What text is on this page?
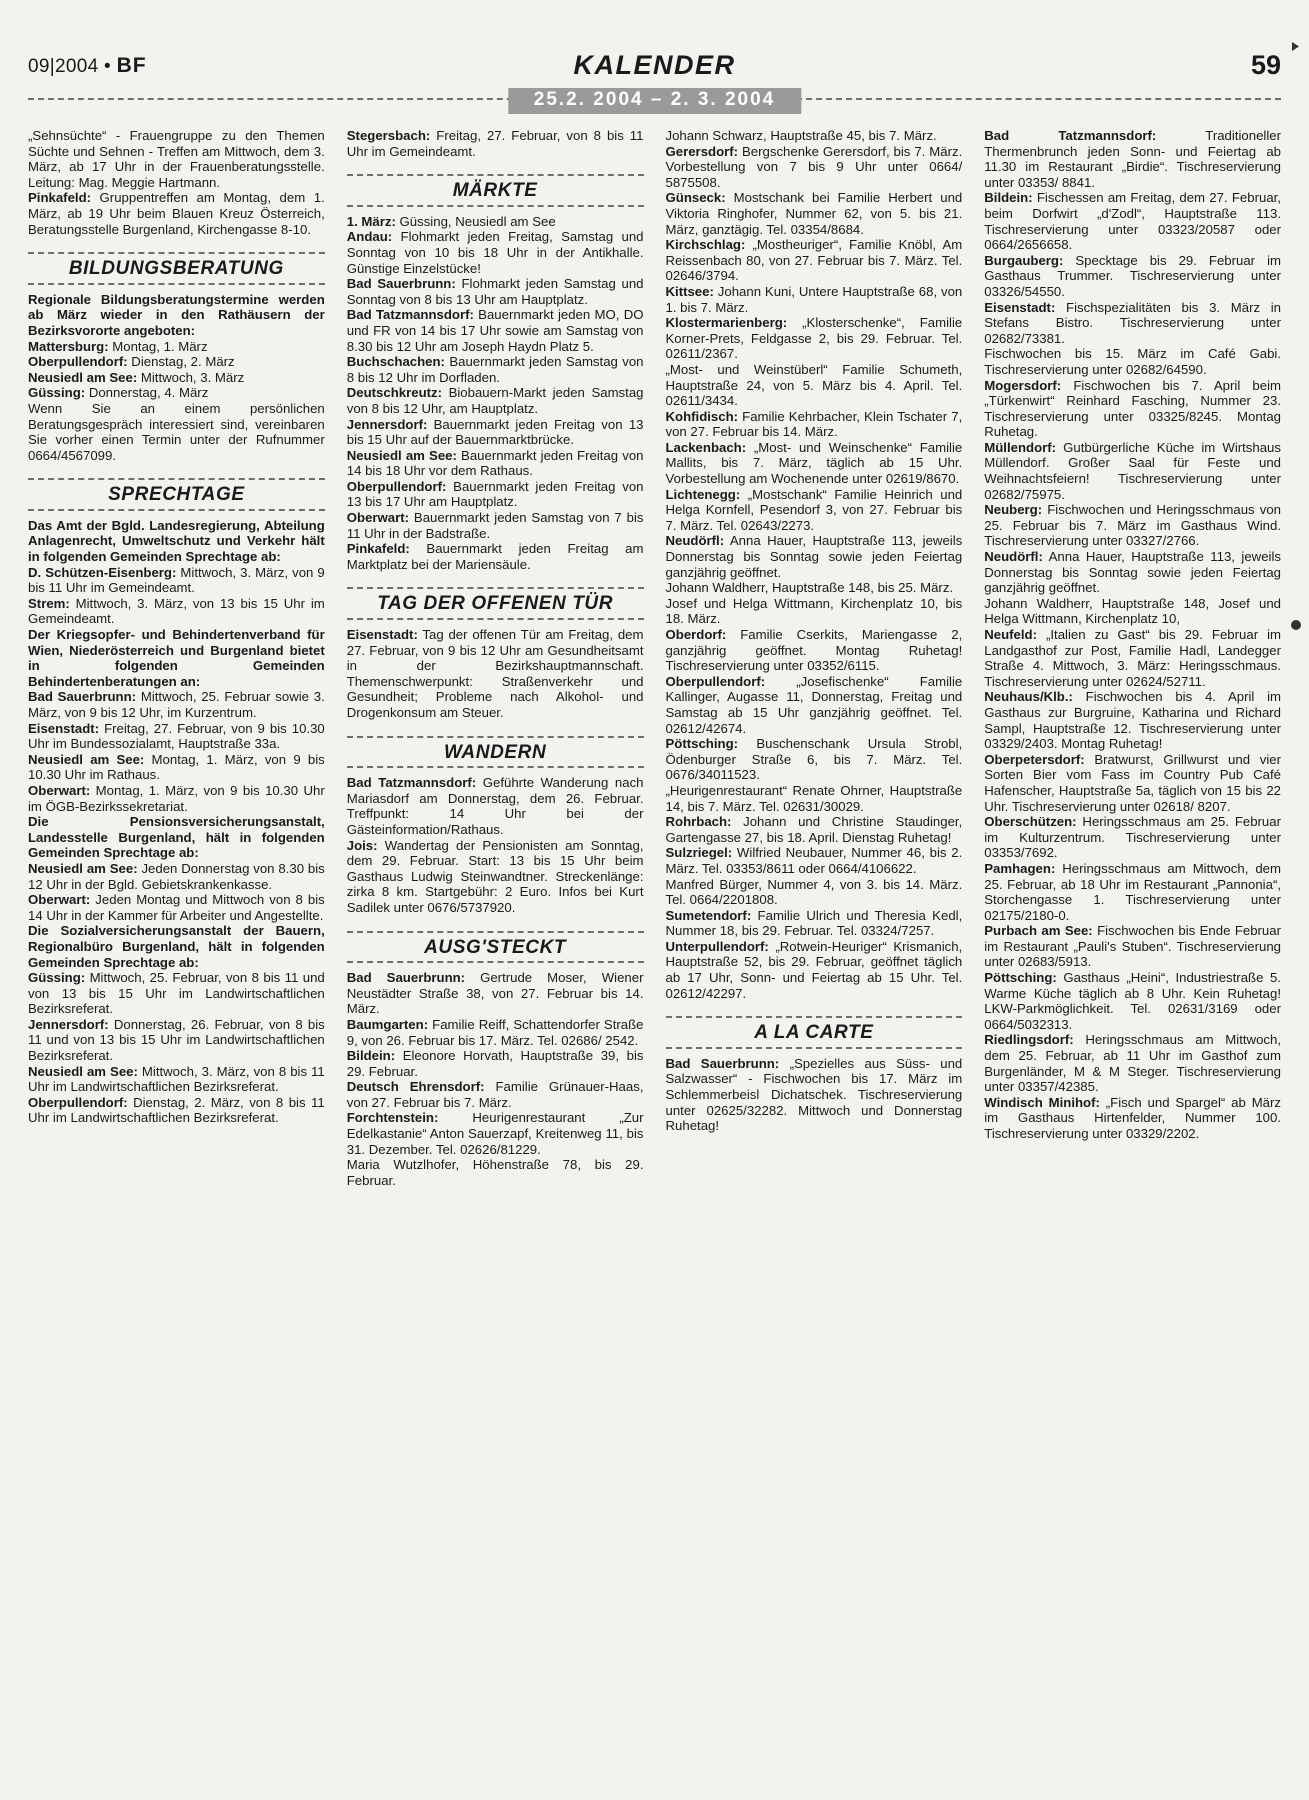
09|2004 • BF	KALENDER	59
25.2. 2004 – 2. 3. 2004

„Sehnsüchte“ - Frauengruppe zu den Themen Süchte und Sehnen - Treffen am Mittwoch, dem 3. März, ab 17 Uhr in der Frauenberatungsstelle. Leitung: Mag. Meggie Hartmann.

Pinkafeld: Gruppentreffen am Montag, dem 1. März, ab 19 Uhr beim Blauen Kreuz Österreich, Beratungsstelle Burgenland, Kirchengasse 8-10.

BILDUNGSBERATUNG

Regionale Bildungsberatungstermine werden ab März wieder in den Rathäusern der Bezirksvororte angeboten:

Mattersburg: Montag, 1. März

Oberpullendorf: Dienstag, 2. März

Neusiedl am See: Mittwoch, 3. März

Güssing: Donnerstag, 4. März

Wenn Sie an einem persönlichen Beratungsgespräch interessiert sind, vereinbaren Sie vorher einen Termin unter der Rufnummer 0664/4567099.

SPRECHTAGE

Das Amt der Bgld. Landesregierung, Abteilung Anlagenrecht, Umweltschutz und Verkehr hält in folgenden Gemeinden Sprechtage ab:

D. Schützen-Eisenberg: Mittwoch, 3. März, von 9 bis 11 Uhr im Gemeindeamt.

Strem: Mittwoch, 3. März, von 13 bis 15 Uhr im Gemeindeamt.

Der Kriegsopfer- und Behindertenverband für Wien, Niederösterreich und Burgenland bietet in folgenden Gemeinden Behindertenberatungen an:

Bad Sauerbrunn: Mittwoch, 25. Februar sowie 3. März, von 9 bis 12 Uhr, im Kurzentrum.

Eisenstadt: Freitag, 27. Februar, von 9 bis 10.30 Uhr im Bundessozialamt, Hauptstraße 33a.

Neusiedl am See: Montag, 1. März, von 9 bis 10.30 Uhr im Rathaus.

Oberwart: Montag, 1. März, von 9 bis 10.30 Uhr im ÖGB-Bezirkssekretariat.

Die Pensionsversicherungsanstalt, Landesstelle Burgenland, hält in folgenden Gemeinden Sprechtage ab:

Neusiedl am See: Jeden Donnerstag von 8.30 bis 12 Uhr in der Bgld. Gebietskrankenkasse.

Oberwart: Jeden Montag und Mittwoch von 8 bis 14 Uhr in der Kammer für Arbeiter und Angestellte.

Die Sozialversicherungsanstalt der Bauern, Regionalbüro Burgenland, hält in folgenden Gemeinden Sprechtage ab:

Güssing: Mittwoch, 25. Februar, von 8 bis 11 und von 13 bis 15 Uhr im Landwirtschaftlichen Bezirksreferat.

Jennersdorf: Donnerstag, 26. Februar, von 8 bis 11 und von 13 bis 15 Uhr im Landwirtschaftlichen Bezirksreferat.

Neusiedl am See: Mittwoch, 3. März, von 8 bis 11 Uhr im Landwirtschaftlichen Bezirksreferat.

Oberpullendorf: Dienstag, 2. März, von 8 bis 11 Uhr im Landwirtschaftlichen Bezirksreferat.

Stegersbach: Freitag, 27. Februar, von 8 bis 11 Uhr im Gemeindeamt.

MÄRKTE

1. März: Güssing, Neusiedl am See

Andau: Flohmarkt jeden Freitag, Samstag und Sonntag von 10 bis 18 Uhr in der Antikhalle. Günstige Einzelstücke!

Bad Sauerbrunn: Flohmarkt jeden Samstag und Sonntag von 8 bis 13 Uhr am Hauptplatz.

Bad Tatzmannsdorf: Bauernmarkt jeden MO, DO und FR von 14 bis 17 Uhr sowie am Samstag von 8.30 bis 12 Uhr am Joseph Haydn Platz 5.

Buchschachen: Bauernmarkt jeden Samstag von 8 bis 12 Uhr im Dorfladen.

Deutschkreutz: Biobauern-Markt jeden Samstag von 8 bis 12 Uhr, am Hauptplatz.

Jennersdorf: Bauernmarkt jeden Freitag von 13 bis 15 Uhr auf der Bauernmarktbrücke.

Neusiedl am See: Bauernmarkt jeden Freitag von 14 bis 18 Uhr vor dem Rathaus.

Oberpullendorf: Bauernmarkt jeden Freitag von 13 bis 17 Uhr am Hauptplatz.

Oberwart: Bauernmarkt jeden Samstag von 7 bis 11 Uhr in der Badstraße.

Pinkafeld: Bauernmarkt jeden Freitag am Marktplatz bei der Mariensäule.

TAG DER OFFENEN TÜR

Eisenstadt: Tag der offenen Tür am Freitag, dem 27. Februar, von 9 bis 12 Uhr am Gesundheitsamt in der Bezirkshauptmannschaft. Themenschwerpunkt: Straßenverkehr und Gesundheit; Probleme nach Alkohol- und Drogenkonsum am Steuer.

WANDERN

Bad Tatzmannsdorf: Geführte Wanderung nach Mariasdorf am Donnerstag, dem 26. Februar. Treffpunkt: 14 Uhr bei der Gästeinformation/Rathaus.

Jois: Wandertag der Pensionisten am Sonntag, dem 29. Februar. Start: 13 bis 15 Uhr beim Gasthaus Ludwig Steinwandtner. Streckenlänge: zirka 8 km. Startgebühr: 2 Euro. Infos bei Kurt Sadilek unter 0676/5737920.

AUSG'STECKT

Bad Sauerbrunn: Gertrude Moser, Wiener Neustädter Straße 38, von 27. Februar bis 14. März.

Baumgarten: Familie Reiff, Schattendorfer Straße 9, von 26. Februar bis 17. März. Tel. 02686/ 2542.

Bildein: Eleonore Horvath, Hauptstraße 39, bis 29. Februar.

Deutsch Ehrensdorf: Familie Grünauer-Haas, von 27. Februar bis 7. März.

Forchtenstein: Heurigenrestaurant „Zur Edelkastanie“ Anton Sauerzapf, Kreitenweg 11, bis 31. Dezember. Tel. 02626/81229.

Maria Wutzlhofer, Höhenstraße 78, bis 29. Februar.

Johann Schwarz, Hauptstraße 45, bis 7. März.

Gerersdorf: Bergschenke Gerersdorf, bis 7. März. Vorbestellung von 7 bis 9 Uhr unter 0664/ 5875508.

Günseck: Mostschank bei Familie Herbert und Viktoria Ringhofer, Nummer 62, von 5. bis 21. März, ganztägig. Tel. 03354/8684.

Kirchschlag: „Mostheuriger“, Familie Knöbl, Am Reissenbach 80, von 27. Februar bis 7. März. Tel. 02646/3794.

Kittsee: Johann Kuni, Untere Hauptstraße 68, von 1. bis 7. März.

Klostermarienberg: „Klosterschenke“, Familie Korner-Prets, Feldgasse 2, bis 29. Februar. Tel. 02611/2367.

„Most- und Weinstüberl“ Familie Schumeth, Hauptstraße 24, von 5. März bis 4. April. Tel. 02611/3434.

Kohfidisch: Familie Kehrbacher, Klein Tschater 7, von 27. Februar bis 14. März.

Lackenbach: „Most- und Weinschenke“ Familie Mallits, bis 7. März, täglich ab 15 Uhr. Vorbestellung am Wochenende unter 02619/8670.

Lichtenegg: „Mostschank“ Familie Heinrich und Helga Kornfell, Pesendorf 3, von 27. Februar bis 7. März. Tel. 02643/2273.

Neudörfl: Anna Hauer, Hauptstraße 113, jeweils Donnerstag bis Sonntag sowie jeden Feiertag ganzjährig geöffnet.

Johann Waldherr, Hauptstraße 148, bis 25. März.

Josef und Helga Wittmann, Kirchenplatz 10, bis 18. März.

Oberdorf: Familie Cserkits, Mariengasse 2, ganzjährig geöffnet. Montag Ruhetag! Tischreservierung unter 03352/6115.

Oberpullendorf: „Josefischenke“ Familie Kallinger, Augasse 11, Donnerstag, Freitag und Samstag ab 15 Uhr ganzjährig geöffnet. Tel. 02612/42674.

Pöttsching: Buschenschank Ursula Strobl, Ödenburger Straße 6, bis 7. März. Tel. 0676/34011523.

„Heurigenrestaurant“ Renate Ohrner, Hauptstraße 14, bis 7. März. Tel. 02631/30029.

Rohrbach: Johann und Christine Staudinger, Gartengasse 27, bis 18. April. Dienstag Ruhetag!

Sulzriegel: Wilfried Neubauer, Nummer 46, bis 2. März. Tel. 03353/8611 oder 0664/4106622.

Manfred Bürger, Nummer 4, von 3. bis 14. März. Tel. 0664/2201808.

Sumetendorf: Familie Ulrich und Theresia Kedl, Nummer 18, bis 29. Februar. Tel. 03324/7257.

Unterpullendorf: „Rotwein-Heuriger“ Krismanich, Hauptstraße 52, bis 29. Februar, geöffnet täglich ab 17 Uhr, Sonn- und Feiertag ab 15 Uhr. Tel. 02612/42297.

A LA CARTE

Bad Sauerbrunn: „Spezielles aus Süss- und Salzwasser“ - Fischwochen bis 17. März im Schlemmerbeisl Dichatschek. Tischreservierung unter 02625/32282. Mittwoch und Donnerstag Ruhetag!

Bad Tatzmannsdorf: Traditioneller Thermenbrunch jeden Sonn- und Feiertag ab 11.30 im Restaurant „Birdie“. Tischreservierung unter 03353/ 8841.

Bildein: Fischessen am Freitag, dem 27. Februar, beim Dorfwirt „d'Zodl“, Hauptstraße 113. Tischreservierung unter 03323/20587 oder 0664/2656658.

Burgauberg: Specktage bis 29. Februar im Gasthaus Trummer. Tischreservierung unter 03326/54550.

Eisenstadt: Fischspezialitäten bis 3. März in Stefans Bistro. Tischreservierung unter 02682/73381.

Fischwochen bis 15. März im Café Gabi. Tischreservierung unter 02682/64590.

Mogersdorf: Fischwochen bis 7. April beim „Türkenwirt“ Reinhard Fasching, Nummer 23. Tischreservierung unter 03325/8245. Montag Ruhetag.

Müllendorf: Gutbürgerliche Küche im Wirtshaus Müllendorf. Großer Saal für Feste und Weihnachtsfeiern! Tischreservierung unter 02682/75975.

Neuberg: Fischwochen und Heringsschmaus von 25. Februar bis 7. März im Gasthaus Wind. Tischreservierung unter 03327/2766.

Neudörfl: Anna Hauer, Hauptstraße 113, jeweils Donnerstag bis Sonntag sowie jeden Feiertag ganzjährig geöffnet.

Johann Waldherr, Hauptstraße 148, Josef und Helga Wittmann, Kirchenplatz 10,

Neufeld: „Italien zu Gast“ bis 29. Februar im Landgasthof zur Post, Familie Hadl, Landegger Straße 4. Mittwoch, 3. März: Heringsschmaus. Tischreservierung unter 02624/52711.

Neuhaus/Klb.: Fischwochen bis 4. April im Gasthaus zur Burgruine, Katharina und Richard Sampl, Hauptstraße 12. Tischreservierung unter 03329/2403. Montag Ruhetag!

Oberpetersdorf: Bratwurst, Grillwurst und vier Sorten Bier vom Fass im Country Pub Café Hafenscher, Hauptstraße 5a, täglich von 15 bis 22 Uhr. Tischreservierung unter 02618/ 8207.

Oberschützen: Heringsschmaus am 25. Februar im Kulturzentrum. Tischreservierung unter 03353/7692.

Pamhagen: Heringsschmaus am Mittwoch, dem 25. Februar, ab 18 Uhr im Restaurant „Pannonia“, Storchengasse 1. Tischreservierung unter 02175/2180-0.

Purbach am See: Fischwochen bis Ende Februar im Restaurant „Pauli's Stuben“. Tischreservierung unter 02683/5913.

Pöttsching: Gasthaus „Heini“, Industriestraße 5. Warme Küche täglich ab 8 Uhr. Kein Ruhetag! LKW-Parkmöglichkeit. Tel. 02631/3169 oder 0664/5032313.

Riedlingsdorf: Heringsschmaus am Mittwoch, dem 25. Februar, ab 11 Uhr im Gasthof zum Burgenländer, M & M Steger. Tischreservierung unter 03357/42385.

Windisch Minihof: „Fisch und Spargel“ ab März im Gasthaus Hirtenfelder, Nummer 100. Tischreservierung unter 03329/2202.
